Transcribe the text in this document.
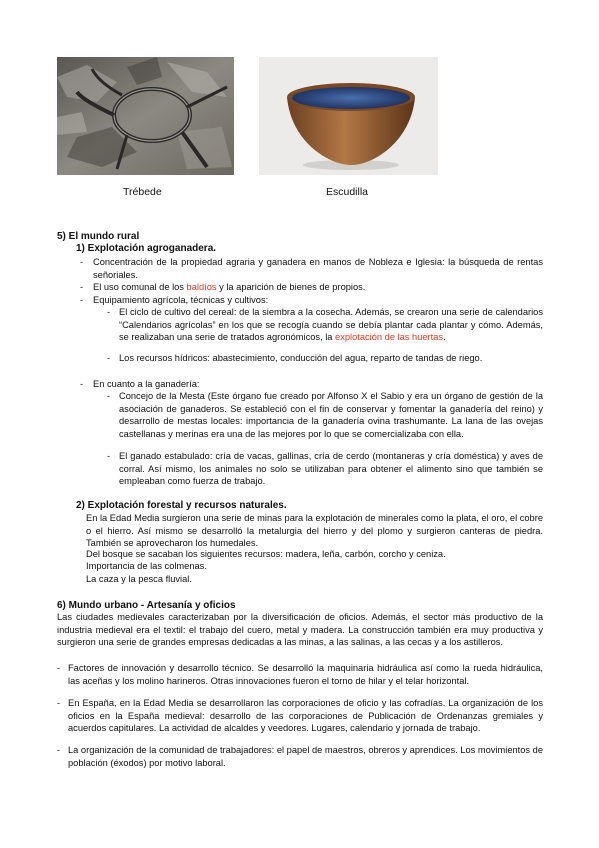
Trébede	Escudilla
5) El mundo rural
1) Explotación agroganadera.
- Concentración de la propiedad agraria y ganadera en manos de Nobleza e Iglesia: la búsqueda de rentas señoriales.
- El uso comunal de los baldíos y la aparición de bienes de propios.
- Equipamiento agrícola, técnicas y cultivos:
- El ciclo de cultivo del cereal: de la siembra a la cosecha. Además, se crearon una serie de calendarios “Calendarios agrícolas” en los que se recogía cuando se debía plantar cada plantar y cómo. Además, se realizaban una serie de tratados agronómicos, la explotación de las huertas.
- Los recursos hídricos: abastecimiento, conducción del agua, reparto de tandas de riego.
- En cuanto a la ganadería:
- Concejo de la Mesta (Este órgano fue creado por Alfonso X el Sabio y era un órgano de gestión de la asociación de ganaderos. Se estableció con el fin de conservar y fomentar la ganadería del reino) y desarrollo de mestas locales: importancia de la ganadería ovina trashumante. La lana de las ovejas castellanas y merinas era una de las mejores por lo que se comercializaba con ella.
- El ganado estabulado: cría de vacas, gallinas, cría de cerdo (montaneras y cría doméstica) y aves de corral. Así mismo, los animales no solo se utilizaban para obtener el alimento sino que también se empleaban como fuerza de trabajo.
2) Explotación forestal y recursos naturales.
En la Edad Media surgieron una serie de minas para la explotación de minerales como la plata, el oro, el cobre o el hierro. Así mismo se desarrolló la metalurgia del hierro y del plomo y surgieron canteras de piedra. También se aprovecharon los humedales.
Del bosque se sacaban los siguientes recursos: madera, leña, carbón, corcho y ceniza.
Importancia de las colmenas.
La caza y la pesca fluvial.
6) Mundo urbano - Artesanía y oficios
Las ciudades medievales caracterizaban por la diversificación de oficios. Además, el sector más productivo de la industria medieval era el textil: el trabajo del cuero, metal y madera. La construcción también era muy productiva y surgieron una serie de grandes empresas dedicadas a las minas, a las salinas, a las cecas y a los astilleros.
- Factores de innovación y desarrollo técnico. Se desarrolló la maquinaria hidráulica así como la rueda hidráulica, las aceñas y los molino harineros. Otras innovaciones fueron el torno de hilar y el telar horizontal.
- En España, en la Edad Media se desarrollaron las corporaciones de oficio y las cofradías. La organización de los oficios en la España medieval: desarrollo de las corporaciones de Publicación de Ordenanzas gremiales y acuerdos capitulares. La actividad de alcaldes y veedores. Lugares, calendario y jornada de trabajo.
- La organización de la comunidad de trabajadores: el papel de maestros, obreros y aprendices. Los movimientos de población (éxodos) por motivo laboral.
